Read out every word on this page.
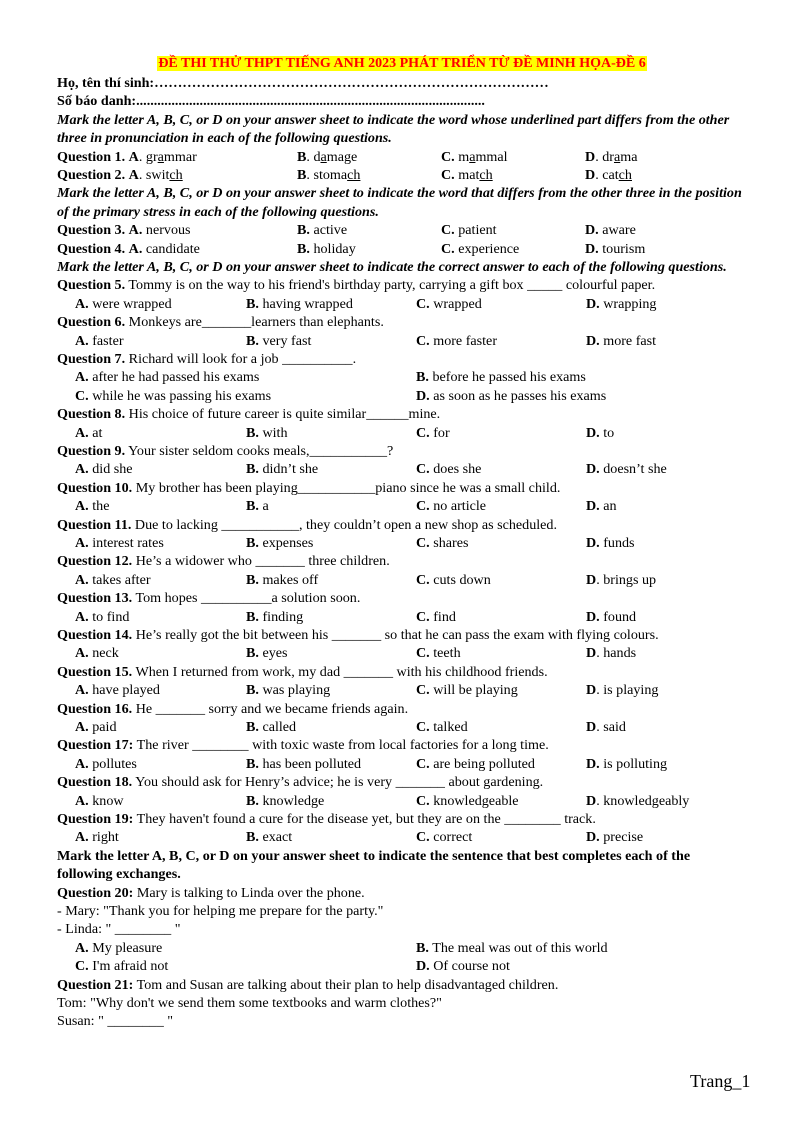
ĐỀ THI THỬ THPT TIẾNG ANH 2023 PHÁT TRIỂN TỪ ĐỀ MINH HỌA-ĐỀ 6
Họ, tên thí sinh:…………………………………………………………………………
Số báo danh:...................................................................................................
Mark the letter A, B, C, or D on your answer sheet to indicate the word whose underlined part differs from the other three in pronunciation in each of the following questions.
Question 1. A. grammar	B. damage	C. mammal	D. drama
Question 2. A. switch	B. stomach	C. match	D. catch
Mark the letter A, B, C, or D on your answer sheet to indicate the word that differs from the other three in the position of the primary stress in each of the following questions.
Question 3. A. nervous	B. active	C. patient	D. aware
Question 4. A. candidate	B. holiday	C. experience	D. tourism
Mark the letter A, B, C, or D on your answer sheet to indicate the correct answer to each of the following questions.
Question 5. Tommy is on the way to his friend's birthday party, carrying a gift box _____ colourful paper.
A. were wrapped	B. having wrapped	C. wrapped	D. wrapping
Question 6. Monkeys are_______learners than elephants.
A. faster	B. very fast	C. more faster	D. more fast
Question 7. Richard will look for a job __________.
A. after he had passed his exams	B. before he passed his exams
C. while he was passing his exams	D. as soon as he passes his exams
Question 8. His choice of future career is quite similar______mine.
A. at	B. with	C. for	D. to
Question 9. Your sister seldom cooks meals,___________?
A. did she	B. didn’t she	C. does she	D. doesn’t she
Question 10. My brother has been playing___________piano since he was a small child.
A. the	B. a	C. no article	D. an
Question 11. Due to lacking ___________, they couldn’t open a new shop as scheduled.
A. interest rates	B. expenses	C. shares	D. funds
Question 12. He’s a widower who _______ three children.
A. takes after	B. makes off	C. cuts down	D. brings up
Question 13. Tom hopes __________a solution soon.
A. to find	B. finding	C. find	D. found
Question 14. He’s really got the bit between his _______ so that he can pass the exam with flying colours.
A. neck	B. eyes	C. teeth	D. hands
Question 15. When I returned from work, my dad _______ with his childhood friends.
A. have played	B. was playing	C. will be playing	D. is playing
Question 16. He _______ sorry and we became friends again.
A. paid	B. called	C. talked	D. said
Question 17: The river ________ with toxic waste from local factories for a long time.
A. pollutes	B. has been polluted	C. are being polluted	D. is polluting
Question 18. You should ask for Henry’s advice; he is very _______ about gardening.
A. know	B. knowledge	C. knowledgeable	D. knowledgeably
Question 19: They haven't found a cure for the disease yet, but they are on the ________ track.
A. right	B. exact	C. correct	D. precise
Mark the letter A, B, C, or D on your answer sheet to indicate the sentence that best completes each of the following exchanges.
Question 20: Mary is talking to Linda over the phone.
- Mary: "Thank you for helping me prepare for the party."
- Linda: " ________ "
A. My pleasure	B. The meal was out of this world
C. I'm afraid not	D. Of course not
Question 21: Tom and Susan are talking about their plan to help disadvantaged children.
Tom: "Why don't we send them some textbooks and warm clothes?"
Susan: " ________ "
Trang_1
